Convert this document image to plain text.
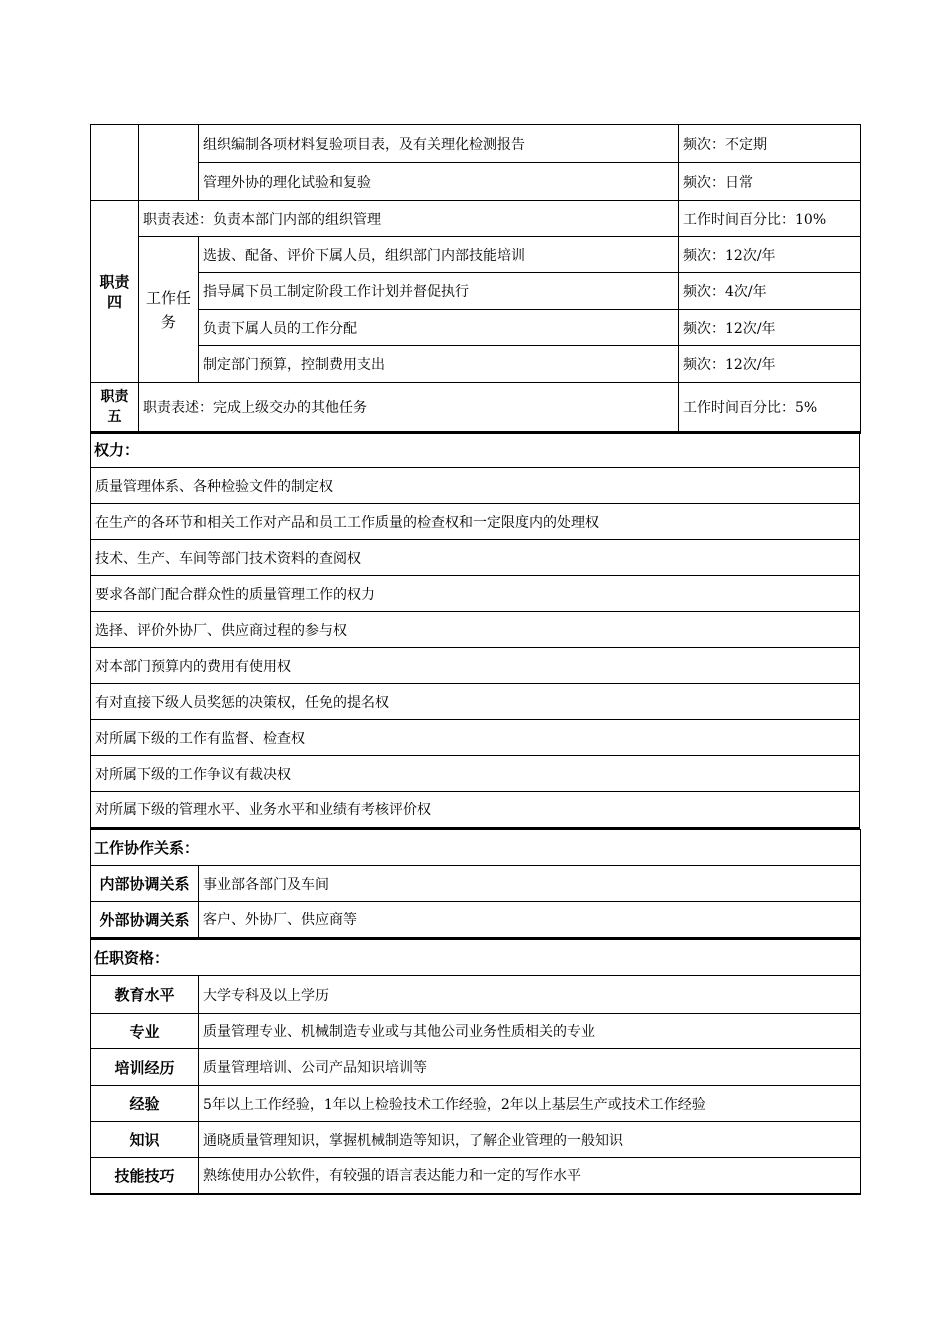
		组织编制各项材料复验项目表，及有关理化检测报告	频次：不定期
		管理外协的理化试验和复验	频次：日常
职责四	职责表述：负责本部门内部的组织管理		工作时间百分比：10%
	工作任务	选拔、配备、评价下属人员，组织部门内部技能培训	频次：12次/年
		指导属下员工制定阶段工作计划并督促执行	频次：4次/年
		负责下属人员的工作分配	频次：12次/年
		制定部门预算，控制费用支出	频次：12次/年
职责五	职责表述：完成上级交办的其他任务		工作时间百分比：5%
权力：
质量管理体系、各种检验文件的制定权
在生产的各环节和相关工作对产品和员工工作质量的检查权和一定限度内的处理权
技术、生产、车间等部门技术资料的查阅权
要求各部门配合群众性的质量管理工作的权力
选择、评价外协厂、供应商过程的参与权
对本部门预算内的费用有使用权
有对直接下级人员奖惩的决策权，任免的提名权
对所属下级的工作有监督、检查权
对所属下级的工作争议有裁决权
对所属下级的管理水平、业务水平和业绩有考核评价权
工作协作关系：	
内部协调关系	事业部各部门及车间
外部协调关系	客户、外协厂、供应商等
任职资格：	
教育水平	大学专科及以上学历
专业	质量管理专业、机械制造专业或与其他公司业务性质相关的专业
培训经历	质量管理培训、公司产品知识培训等
经验	5年以上工作经验，1年以上检验技术工作经验，2年以上基层生产或技术工作经验
知识	通晓质量管理知识，掌握机械制造等知识，了解企业管理的一般知识
技能技巧	熟练使用办公软件，有较强的语言表达能力和一定的写作水平
